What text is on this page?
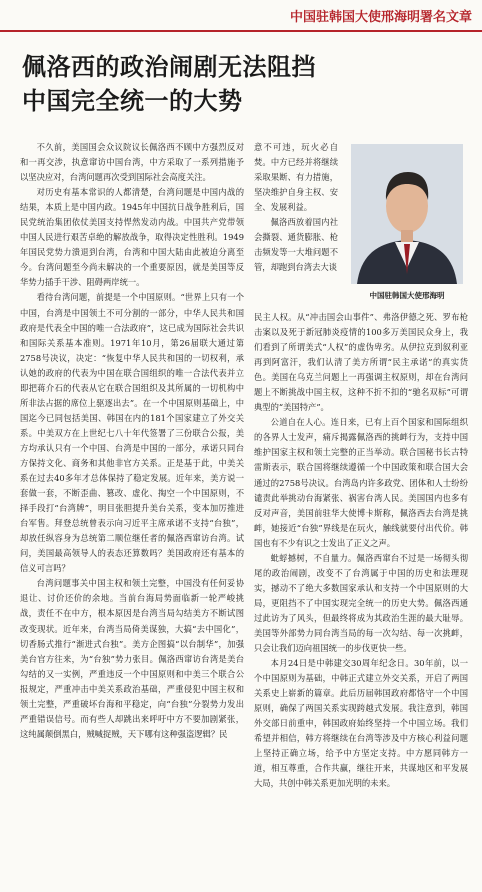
中国驻韩国大使邢海明署名文章
佩洛西的政治闹剧无法阻挡
中国完全统一的大势

不久前，美国国会众议院议长佩洛西不顾中方强烈反对和一再交涉，执意窜访中国台湾，中方采取了一系列措施予以坚决应对，台湾问题再次受到国际社会高度关注。

对历史有基本常识的人都清楚，台湾问题是中国内战的结果，本质上是中国内政。1945年中国抗日战争胜利后，国民党统治集团依仗美国支持悍然发动内战。中国共产党带领中国人民进行艰苦卓绝的解放战争，取得决定性胜利。1949年国民党势力溃退到台湾，台湾和中国大陆由此被迫分离至今。台湾问题至今尚未解决的一个重要原因，就是美国等反华势力插手干涉、阻碍两岸统一。

看待台湾问题，前提是一个中国原则。“世界上只有一个中国，台湾是中国领土不可分割的一部分，中华人民共和国政府是代表全中国的唯一合法政府”，这已成为国际社会共识和国际关系基本准则。1971年10月，第26届联大通过第2758号决议，决定：“恢复中华人民共和国的一切权利，承认她的政府的代表为中国在联合国组织的唯一合法代表并立即把蒋介石的代表从它在联合国组织及其所属的一切机构中所非法占据的席位上驱逐出去”。在一个中国原则基础上，中国迄今已同包括美国、韩国在内的181个国家建立了外交关系。中美双方在上世纪七八十年代签署了三份联合公报，美方均承认只有一个中国、台湾是中国的一部分，承诺只同台方保持文化、商务和其他非官方关系。正是基于此，中美关系在过去40多年才总体保持了稳定发展。近年来，美方说一套做一套，不断歪曲、篡改、虚化、掏空一个中国原则，不择手段打“台湾牌”，明目张胆提升美台关系，变本加厉推进台军售。拜登总统曾表示向习近平主席承诺不支持“台独”，却放任纵容身为总统第二顺位继任者的佩洛西窜访台湾。试问，美国最高领导人的表态还算数吗？美国政府还有基本的信义可言吗？

台湾问题事关中国主权和领土完整，中国没有任何妥协退让、讨价还价的余地。当前台海局势面临新一轮严峻挑战，责任不在中方，根本原因是台湾当局勾结美方不断试图改变现状。近年来，台湾当局倚美谋独，大搞“去中国化”，切香肠式推行“渐进式台独”。美方企图搞“以台制华”，加强美台官方往来，为“台独”势力张目。佩洛西窜访台湾是美台勾结的又一实例，严重违反一个中国原则和中美三个联合公报规定，严重冲击中美关系政治基础，严重侵犯中国主权和领土完整，严重破坏台海和平稳定，向“台独”分裂势力发出严重错误信号。而有些人却跳出来呼吁中方不要加剧紧张，这纯属颠倒黑白，贼喊捉贼，天下哪有这种强盗逻辑？民

意不可违，玩火必自焚。中方已经并将继续采取果断、有力措施，坚决维护自身主权、安全、发展利益。

佩洛西放着国内社会撕裂、通货膨胀、枪击频发等一大堆问题不管，却跑到台湾去大谈

中国驻韩国大使邢海明

民主人权。从“冲击国会山事件”、弗洛伊德之死、罗布枪击案以及死于新冠肺炎疫情的100多万美国民众身上，我们看到了所谓美式“人权”的虚伪卑劣。从伊拉克到叙利亚再到阿富汗，我们认清了美方所谓“民主承诺”的真实货色。美国在乌克兰问题上一再强调主权原则，却在台湾问题上不断挑战中国主权，这种不折不扣的“驰名双标”可谓典型的“美国特产”。

公道自在人心。连日来，已有上百个国家和国际组织的各界人士发声，痛斥揭露佩洛西的挑衅行为，支持中国维护国家主权和领土完整的正当举动。联合国秘书长古特雷斯表示，联合国将继续遵循一个中国政策和联合国大会通过的2758号决议。台湾岛内许多政党、团体和人士纷纷谴责此举挑动台海紧张、祸害台湾人民。美国国内也多有反对声音，美国前驻华大使博卡斯称，佩洛西去台湾是挑衅，她接近“台独”界线是在玩火，触线就要付出代价。韩国也有不少有识之士发出了正义之声。

蚍蜉撼树，不自量力。佩洛西窜台不过是一场彻头彻尾的政治闹剧，改变不了台湾属于中国的历史和法理现实，撼动不了绝大多数国家承认和支持一个中国原则的大局，更阻挡不了中国实现完全统一的历史大势。佩洛西通过此访为了风头，但最终将成为其政治生涯的最大耻辱。美国等外部势力同台湾当局的每一次勾结、每一次挑衅，只会让我们迈向祖国统一的步伐更快一些。

本月24日是中韩建交30周年纪念日。30年前，以一个中国原则为基础，中韩正式建立外交关系，开启了两国关系史上崭新的篇章。此后历届韩国政府都恪守一个中国原则，确保了两国关系实现跨越式发展。我注意到，韩国外交部日前重申，韩国政府始终坚持一个中国立场。我们希望并相信，韩方将继续在台湾等涉及中方核心利益问题上坚持正确立场，给予中方坚定支持。中方愿同韩方一道，相互尊重，合作共赢，继往开来，共谋地区和平发展大局，共创中韩关系更加光明的未来。
